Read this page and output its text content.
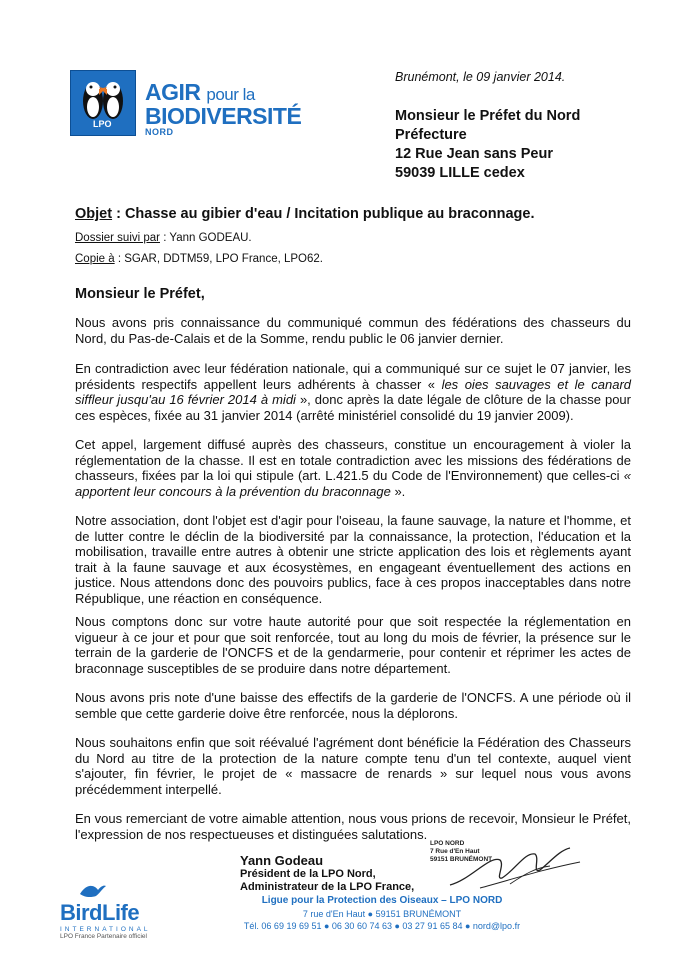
LPO
AGIR pour la
BIODIVERSITÉ
NORD
Brunémont, le 09 janvier 2014.
Monsieur le Préfet du Nord
Préfecture
12 Rue Jean sans Peur
59039 LILLE cedex
Objet : Chasse au gibier d'eau / Incitation publique au braconnage.
Dossier suivi par : Yann GODEAU.
Copie à : SGAR, DDTM59, LPO France, LPO62.
Monsieur le Préfet,
Nous avons pris connaissance du communiqué commun des fédérations des chasseurs du Nord, du Pas-de-Calais et de la Somme, rendu public le 06 janvier dernier.
En contradiction avec leur fédération nationale, qui a communiqué sur ce sujet le 07 janvier, les présidents respectifs appellent leurs adhérents à chasser « les oies sauvages et le canard siffleur jusqu'au 16 février 2014 à midi », donc après la date légale de clôture de la chasse pour ces espèces, fixée au 31 janvier 2014 (arrêté ministériel consolidé du 19 janvier 2009).
Cet appel, largement diffusé auprès des chasseurs, constitue un encouragement à violer la réglementation de la chasse. Il est en totale contradiction avec les missions des fédérations de chasseurs, fixées par la loi qui stipule (art. L.421.5 du Code de l'Environnement) que celles-ci « apportent leur concours à la prévention du braconnage ».
Notre association, dont l'objet est d'agir pour l'oiseau, la faune sauvage, la nature et l'homme, et de lutter contre le déclin de la biodiversité par la connaissance, la protection, l'éducation et la mobilisation, travaille entre autres à obtenir une stricte application des lois et règlements ayant trait à la faune sauvage et aux écosystèmes, en engageant éventuellement des actions en justice. Nous attendons donc des pouvoirs publics, face à ces propos inacceptables dans notre République, une réaction en conséquence.
Nous comptons donc sur votre haute autorité pour que soit respectée la réglementation en vigueur à ce jour et pour que soit renforcée, tout au long du mois de février, la présence sur le terrain de la garderie de l'ONCFS et de la gendarmerie, pour contenir et réprimer les actes de braconnage susceptibles de se produire dans notre département.
Nous avons pris note d'une baisse des effectifs de la garderie de l'ONCFS. A une période où il semble que cette garderie doive être renforcée, nous la déplorons.
Nous souhaitons enfin que soit réévalué l'agrément dont bénéficie la Fédération des Chasseurs du Nord au titre de la protection de la nature compte tenu d'un tel contexte, auquel vient s'ajouter, fin février, le projet de « massacre de renards » sur lequel nous vous avons précédemment interpellé.
En vous remerciant de votre aimable attention, nous vous prions de recevoir, Monsieur le Préfet, l'expression de nos respectueuses et distinguées salutations.
Yann Godeau
Président de la LPO Nord,
Administrateur de la LPO France,
LPO NORD
7 Rue d'En Haut
59151 BRUNÉMONT
Ligue pour la Protection des Oiseaux – LPO NORD
7 rue d'En Haut ● 59151 BRUNÉMONT
Tél. 06 69 19 69 51 ● 06 30 60 74 63 ● 03 27 91 65 84 ● nord@lpo.fr
BirdLife
INTERNATIONAL
LPO France Partenaire officiel
